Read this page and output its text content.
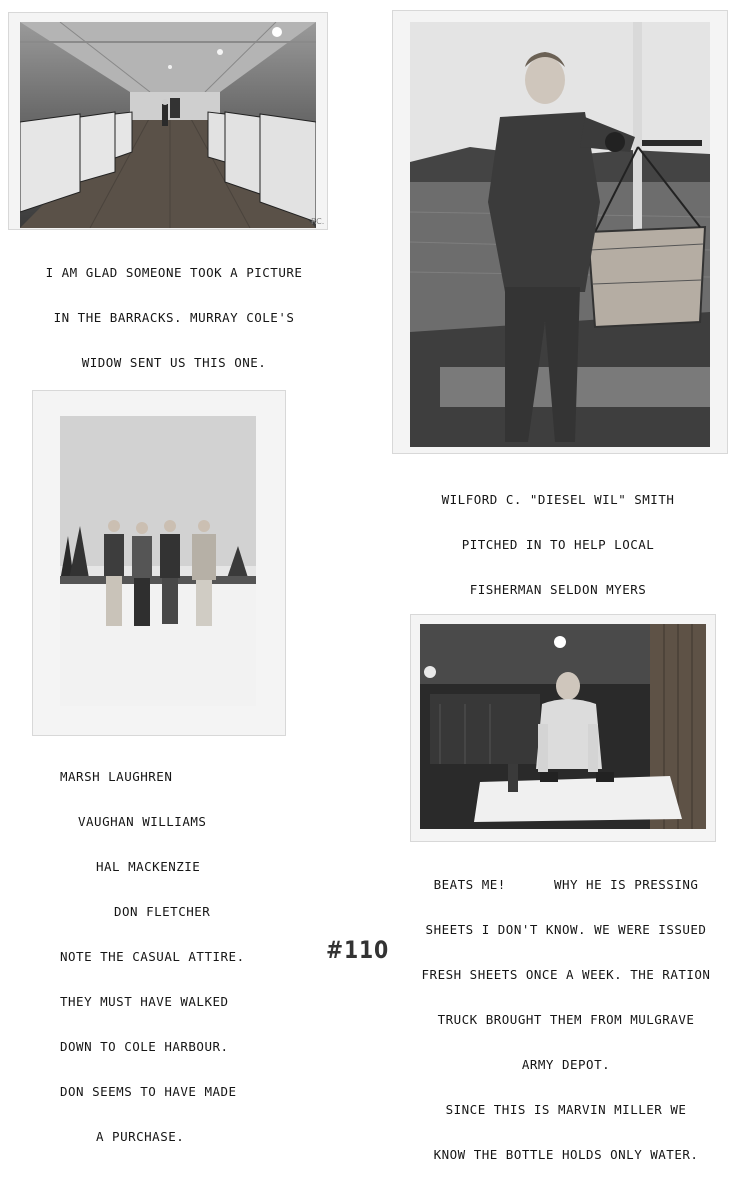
RC.

I AM GLAD SOMEONE TOOK A PICTURE

IN THE BARRACKS. MURRAY COLE'S

WIDOW SENT US THIS ONE.

WILFORD C. "DIESEL WIL" SMITH

PITCHED IN TO HELP LOCAL

FISHERMAN SELDON MYERS

MARSH LAUGHREN

VAUGHAN WILLIAMS

HAL MACKENZIE

DON FLETCHER

NOTE THE CASUAL ATTIRE.

THEY MUST HAVE WALKED

DOWN TO COLE HARBOUR.

DON SEEMS TO HAVE MADE

A PURCHASE.

BEATS ME!      WHY HE IS PRESSING

SHEETS I DON'T KNOW. WE WERE ISSUED

FRESH SHEETS ONCE A WEEK. THE RATION

TRUCK BROUGHT THEM FROM MULGRAVE

ARMY DEPOT.

SINCE THIS IS MARVIN MILLER WE

KNOW THE BOTTLE HOLDS ONLY WATER.

#110
